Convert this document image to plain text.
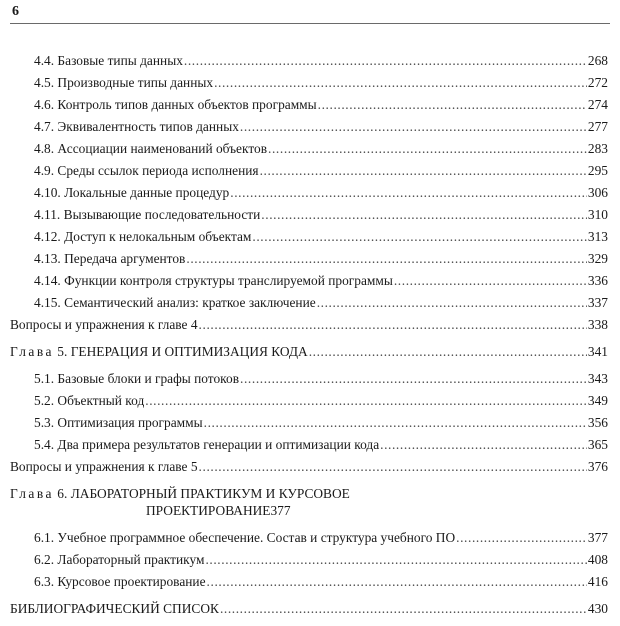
6
4.4. Базовые типы данных .....	268
4.5. Производные типы данных .....	272
4.6. Контроль типов данных объектов программы .....	274
4.7. Эквивалентность типов данных .....	277
4.8. Ассоциации наименований объектов .....	283
4.9. Среды ссылок периода исполнения .....	295
4.10. Локальные данные процедур .....	306
4.11. Вызывающие последовательности .....	310
4.12. Доступ к нелокальным объектам .....	313
4.13. Передача аргументов .....	329
4.14. Функции контроля структуры транслируемой программы .....	336
4.15. Семантический анализ: краткое заключение .....	337
Вопросы и упражнения к главе 4 .....	338
Глава 5. ГЕНЕРАЦИЯ И ОПТИМИЗАЦИЯ КОДА .....	341
5.1. Базовые блоки и графы потоков .....	343
5.2. Объектный код .....	349
5.3. Оптимизация программы .....	356
5.4. Два примера результатов генерации и оптимизации кода .....	365
Вопросы и упражнения к главе 5 .....	376
Глава 6. ЛАБОРАТОРНЫЙ ПРАКТИКУМ И КУРСОВОЕ
ПРОЕКТИРОВАНИЕ 377
6.1. Учебное программное обеспечение. Состав и структура учебного ПО .....	377
6.2. Лабораторный практикум .....	408
6.3. Курсовое проектирование .....	416
БИБЛИОГРАФИЧЕСКИЙ СПИСОК .....	430
